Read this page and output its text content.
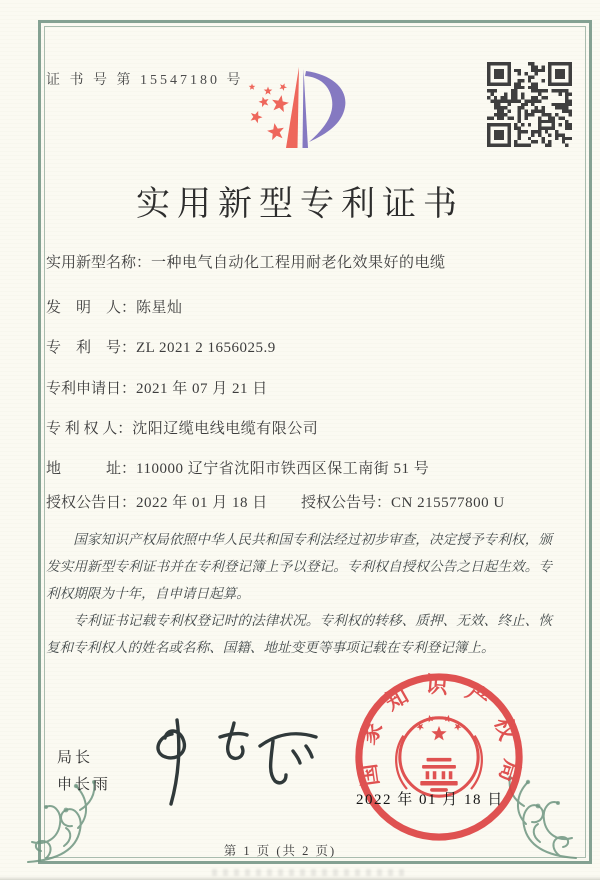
证 书 号 第 15547180 号
实用新型专利证书
实用新型名称：一种电气自动化工程用耐老化效果好的电缆
发　明　人：陈星灿
专　利　号：ZL 2021 2 1656025.9
专利申请日：2021 年 07 月 21 日
专 利 权 人：沈阳辽缆电线电缆有限公司
地　　　址：110000 辽宁省沈阳市铁西区保工南街 51 号
授权公告日：2022 年 01 月 18 日 授权公告号：CN 215577800 U

国家知识产权局依照中华人民共和国专利法经过初步审查，决定授予专利权，颁发实用新型专利证书并在专利登记簿上予以登记。专利权自授权公告之日起生效。专利权期限为十年，自申请日起算。

专利证书记载专利权登记时的法律状况。专利权的转移、质押、无效、终止、恢复和专利权人的姓名或名称、国籍、地址变更等事项记载在专利登记簿上。

局长
申长雨	国家知识产权局
2022 年 01 月 18 日
第 1 页 (共 2 页)
